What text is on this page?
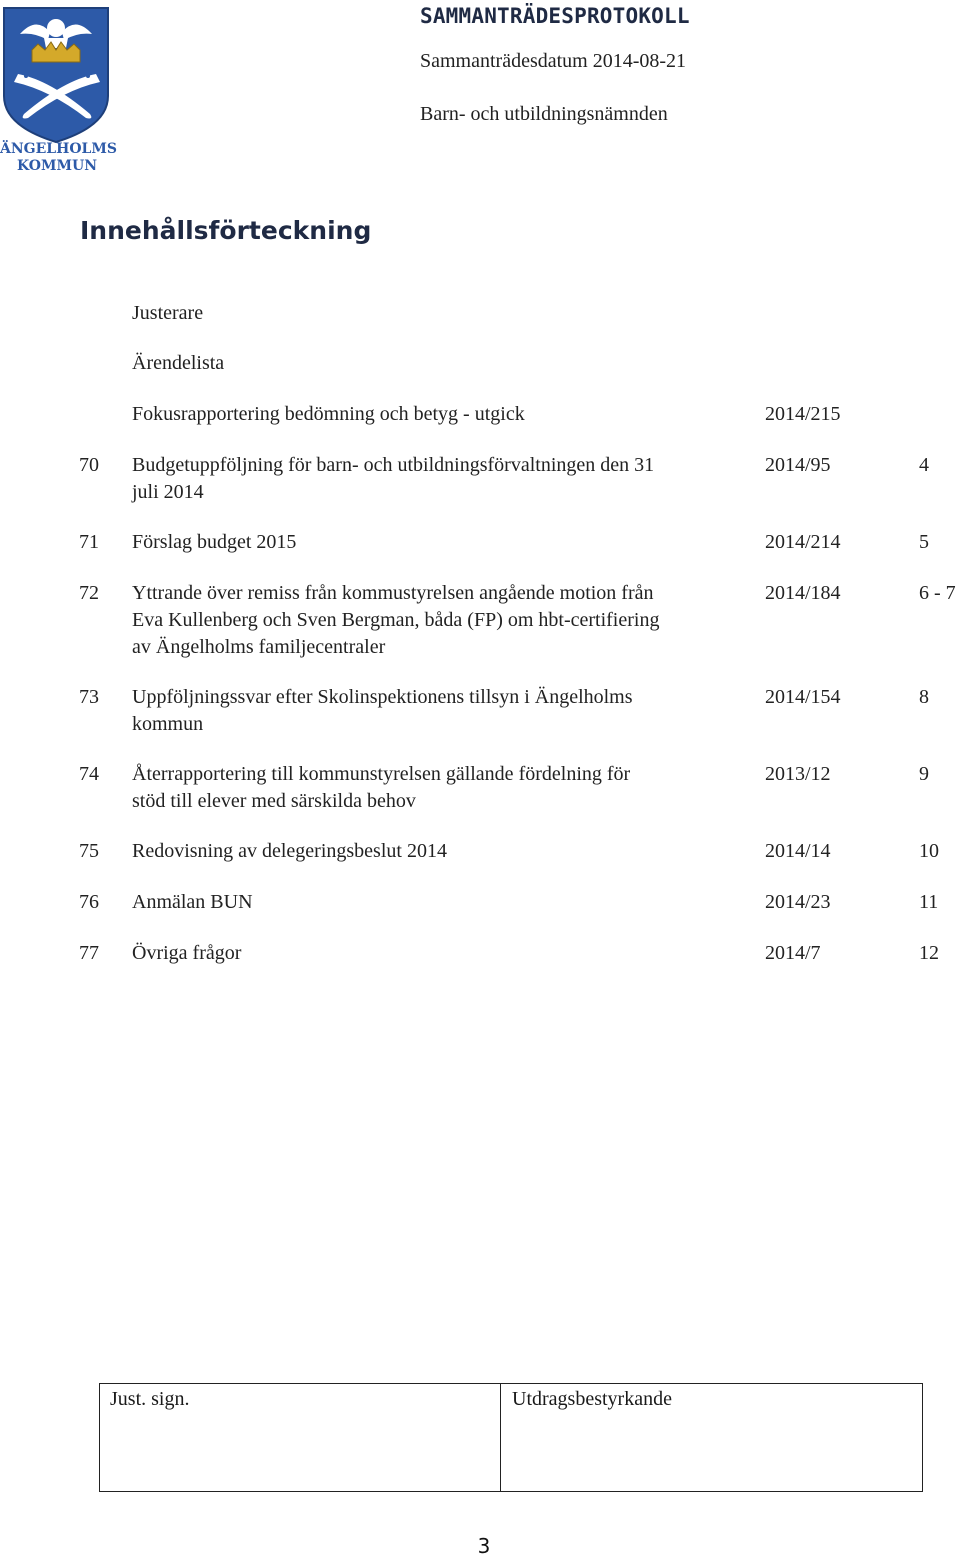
ÄNGELHOLMS
KOMMUN
SAMMANTRÄDESPROTOKOLL
Sammanträdesdatum 2014-08-21
Barn- och utbildningsnämnden
Innehållsförteckning
Justerare
Ärendelista
Fokusrapportering bedömning och betyg - utgick	2014/215
70 Budgetuppföljning för barn- och utbildningsförvaltningen den 31
juli 2014
2014/95	4
71 Förslag budget 2015	2014/214	5
72 Yttrande över remiss från kommustyrelsen angående motion från
Eva Kullenberg och Sven Bergman, båda (FP) om hbt-certifiering
av Ängelholms familjecentraler
2014/184	6 - 7
73 Uppföljningssvar efter Skolinspektionens tillsyn i Ängelholms
kommun
2014/154	8
74 Återrapportering till kommunstyrelsen gällande fördelning för
stöd till elever med särskilda behov
2013/12	9
75 Redovisning av delegeringsbeslut 2014	2014/14	10
76 Anmälan BUN	2014/23	11
77 Övriga frågor	2014/7	12
Just. sign.	Utdragsbestyrkande
3
